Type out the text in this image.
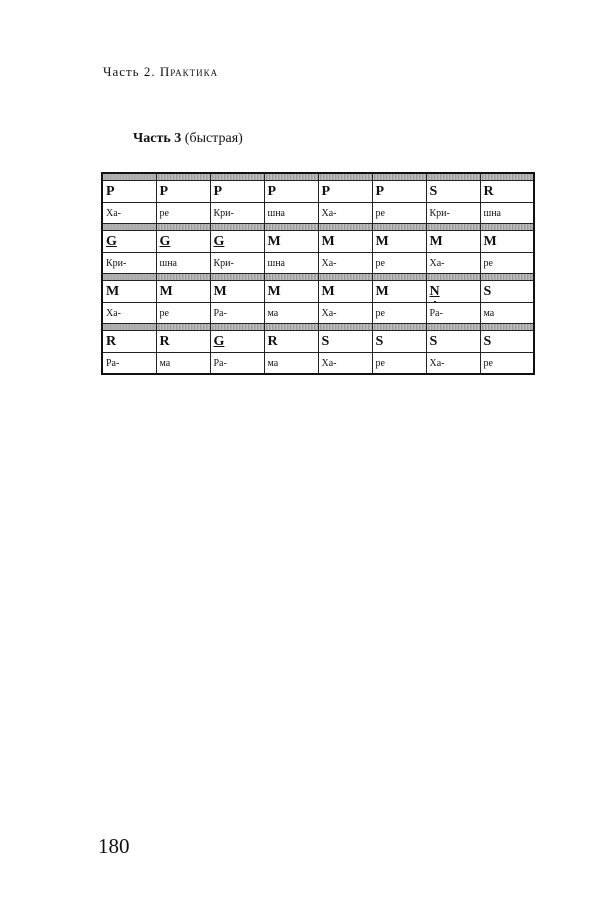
Часть 2. Практика
Часть 3 (быстрая)

P	P	P	P	P	P	S	R
Ха-	ре	Кри-	шна	Ха-	ре	Кри-	шна

G	G	G	M	M	M	M	M
Кри-	шна	Кри-	шна	Ха-	ре	Ха-	ре

M	M	M	M	M	M	N	S
Ха-	ре	Ра-	ма	Ха-	ре	Ра-	ма

R	R	G	R	S	S	S	S
Ра-	ма	Ра-	ма	Ха-	ре	Ха-	ре
180
